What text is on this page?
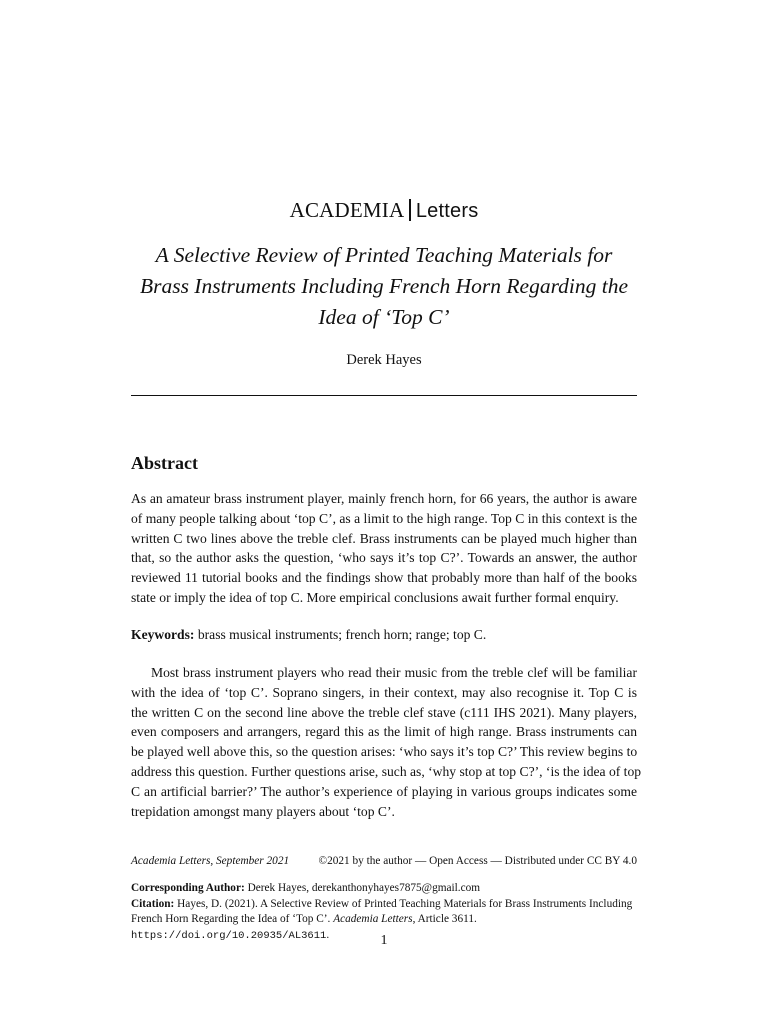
ACADEMIA Letters
A Selective Review of Printed Teaching Materials for
Brass Instruments Including French Horn Regarding the
Idea of ‘Top C’
Derek Hayes
Abstract
As an amateur brass instrument player, mainly french horn, for 66 years, the author is aware
of many people talking about ‘top C’, as a limit to the high range. Top C in this context is the
written C two lines above the treble clef. Brass instruments can be played much higher than
that, so the author asks the question, ‘who says it’s top C?’. Towards an answer, the author
reviewed 11 tutorial books and the findings show that probably more than half of the books
state or imply the idea of top C. More empirical conclusions await further formal enquiry.
Keywords: brass musical instruments; french horn; range; top C.
Most brass instrument players who read their music from the treble clef will be familiar
with the idea of ‘top C’. Soprano singers, in their context, may also recognise it. Top C is
the written C on the second line above the treble clef stave (c111 IHS 2021). Many players,
even composers and arrangers, regard this as the limit of high range. Brass instruments can
be played well above this, so the question arises: ‘who says it’s top C?’ This review begins to
address this question. Further questions arise, such as, ‘why stop at top C?’, ‘is the idea of top
C an artificial barrier?’ The author’s experience of playing in various groups indicates some
trepidation amongst many players about ‘top C’.
Academia Letters, September 2021	©2021 by the author — Open Access — Distributed under CC BY 4.0
Corresponding Author: Derek Hayes, derekanthonyhayes7875@gmail.com
Citation: Hayes, D. (2021). A Selective Review of Printed Teaching Materials for Brass Instruments Including
French Horn Regarding the Idea of ‘Top C’. Academia Letters, Article 3611.
https://doi.org/10.20935/AL3611.	1
